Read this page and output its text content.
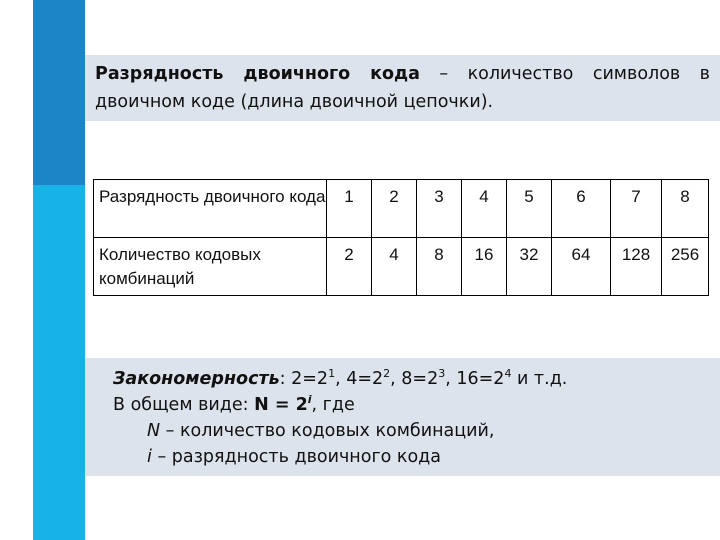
Разрядность двоичного кода – количество символов в двоичном коде (длина двоичной цепочки).
Разрядность двоичного кода	1	2	3	4	5	6	7	8
Количество кодовых комбинаций	2	4	8	16	32	64	128	256
Закономерность: $2=2^1$, $4=2^2$, $8=2^3$, $16=2^4$ и т.д.
В общем виде: $N = 2^i$, где
N – количество кодовых комбинаций,
i – разрядность двоичного кода
